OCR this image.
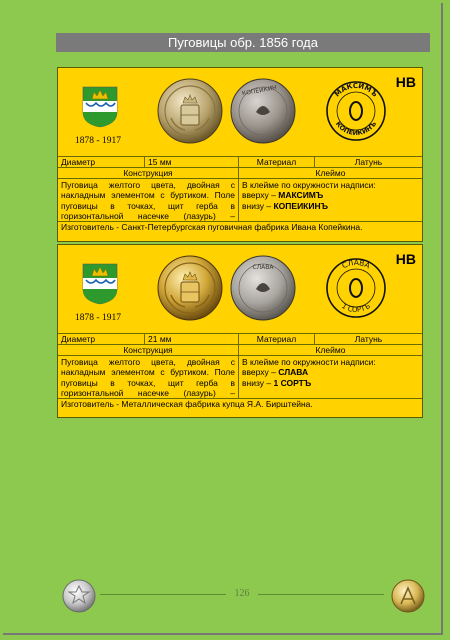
Пуговицы обр. 1856 года
1878 - 1917
КОПЕИКИН	МАКСИМЪ
КОПЕИКИНЪ
НВ
Диаметр	15 мм	Материал	Латунь
Конструкция	Клеймо
Пуговица желтого цвета, двойная с накладным элементом с буртиком. Поле пуговицы в точках, щит герба в горизонтальной насечке (лазурь) –
В клейме по окружности надписи:
вверху – МАКСИМЪ
внизу – КОПЕИКИНЪ
Изготовитель - Санкт-Петербургская пуговичная фабрика Ивана Копейкина.
1878 - 1917
СЛАВА	СЛАВА
1 СОРТЪ
НВ
Диаметр	21 мм	Материал	Латунь
Конструкция	Клеймо
Пуговица желтого цвета, двойная с накладным элементом с буртиком. Поле пуговицы в точках, щит герба в горизонтальной насечке (лазурь) –
В клейме по окружности надписи:
вверху – СЛАВА
внизу – 1 СОРТЪ
Изготовитель - Металлическая фабрика купца Я.А. Бирштейна.
126
